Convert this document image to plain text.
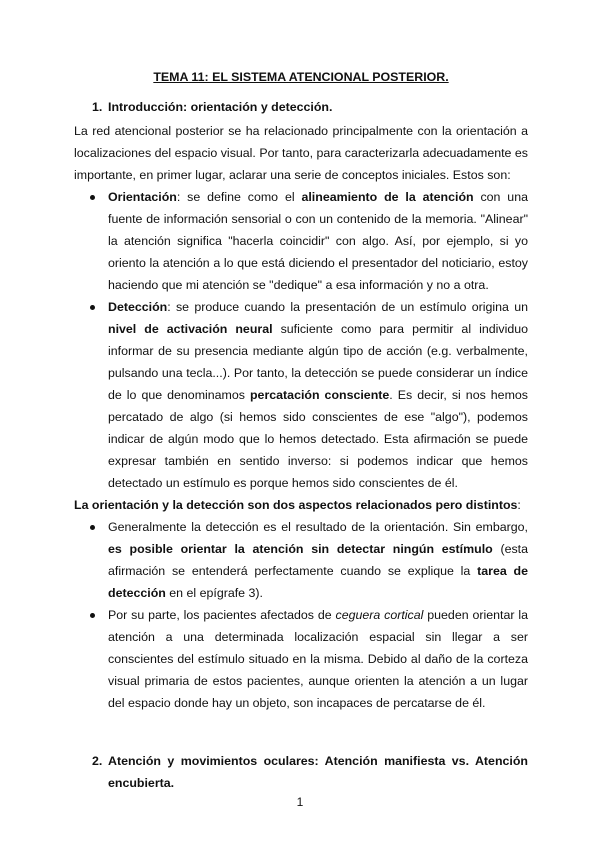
TEMA 11: EL SISTEMA ATENCIONAL POSTERIOR.
1. Introducción: orientación y detección.

La red atencional posterior se ha relacionado principalmente con la orientación a localizaciones del espacio visual. Por tanto, para caracterizarla adecuadamente es importante, en primer lugar, aclarar una serie de conceptos iniciales. Estos son:

Orientación: se define como el alineamiento de la atención con una fuente de información sensorial o con un contenido de la memoria. "Alinear" la atención significa "hacerla coincidir" con algo. Así, por ejemplo, si yo oriento la atención a lo que está diciendo el presentador del noticiario, estoy haciendo que mi atención se "dedique" a esa información y no a otra.
Detección: se produce cuando la presentación de un estímulo origina un nivel de activación neural suficiente como para permitir al individuo informar de su presencia mediante algún tipo de acción (e.g. verbalmente, pulsando una tecla...). Por tanto, la detección se puede considerar un índice de lo que denominamos percatación consciente. Es decir, si nos hemos percatado de algo (si hemos sido conscientes de ese "algo"), podemos indicar de algún modo que lo hemos detectado. Esta afirmación se puede expresar también en sentido inverso: si podemos indicar que hemos detectado un estímulo es porque hemos sido conscientes de él.
La orientación y la detección son dos aspectos relacionados pero distintos:
Generalmente la detección es el resultado de la orientación. Sin embargo, es posible orientar la atención sin detectar ningún estímulo (esta afirmación se entenderá perfectamente cuando se explique la tarea de detección en el epígrafe 3).
Por su parte, los pacientes afectados de ceguera cortical pueden orientar la atención a una determinada localización espacial sin llegar a ser conscientes del estímulo situado en la misma. Debido al daño de la corteza visual primaria de estos pacientes, aunque orienten la atención a un lugar del espacio donde hay un objeto, son incapaces de percatarse de él.
2. Atención y movimientos oculares: Atención manifiesta vs. Atención encubierta.
1
